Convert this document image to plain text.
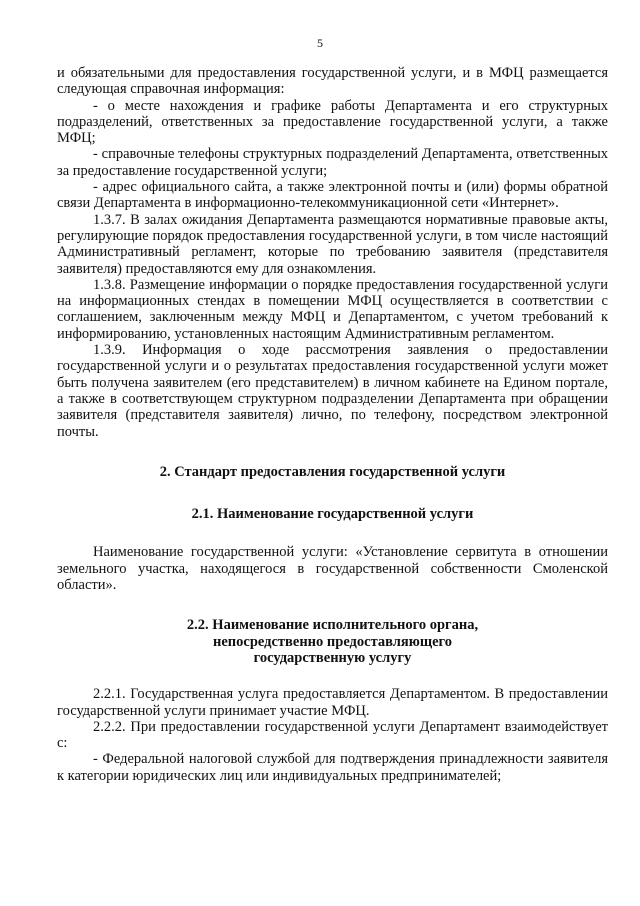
5

и обязательными для предоставления государственной услуги, и в МФЦ размещается следующая справочная информация:

- о месте нахождения и графике работы Департамента и его структурных подразделений, ответственных за предоставление государственной услуги, а также МФЦ;

- справочные телефоны структурных подразделений Департамента, ответственных за предоставление государственной услуги;

- адрес официального сайта, а также электронной почты и (или) формы обратной связи Департамента в информационно-телекоммуникационной сети «Интернет».

1.3.7. В залах ожидания Департамента размещаются нормативные правовые акты, регулирующие порядок предоставления государственной услуги, в том числе настоящий Административный регламент, которые по требованию заявителя (представителя заявителя) предоставляются ему для ознакомления.

1.3.8. Размещение информации о порядке предоставления государственной услуги на информационных стендах в помещении МФЦ осуществляется в соответствии с соглашением, заключенным между МФЦ и Департаментом, с учетом требований к информированию, установленных настоящим Административным регламентом.

1.3.9. Информация о ходе рассмотрения заявления о предоставлении государственной услуги и о результатах предоставления государственной услуги может быть получена заявителем (его представителем) в личном кабинете на Едином портале, а также в соответствующем структурном подразделении Департамента при обращении заявителя (представителя заявителя) лично, по телефону, посредством электронной почты.

2. Стандарт предоставления государственной услуги

2.1. Наименование государственной услуги

Наименование государственной услуги: «Установление сервитута в отношении земельного участка, находящегося в государственной собственности Смоленской области».

2.2. Наименование исполнительного органа,
непосредственно предоставляющего
государственную услугу

2.2.1. Государственная услуга предоставляется Департаментом. В предоставлении государственной услуги принимает участие МФЦ.

2.2.2. При предоставлении государственной услуги Департамент взаимодействует с:

- Федеральной налоговой службой для подтверждения принадлежности заявителя к категории юридических лиц или индивидуальных предпринимателей;
